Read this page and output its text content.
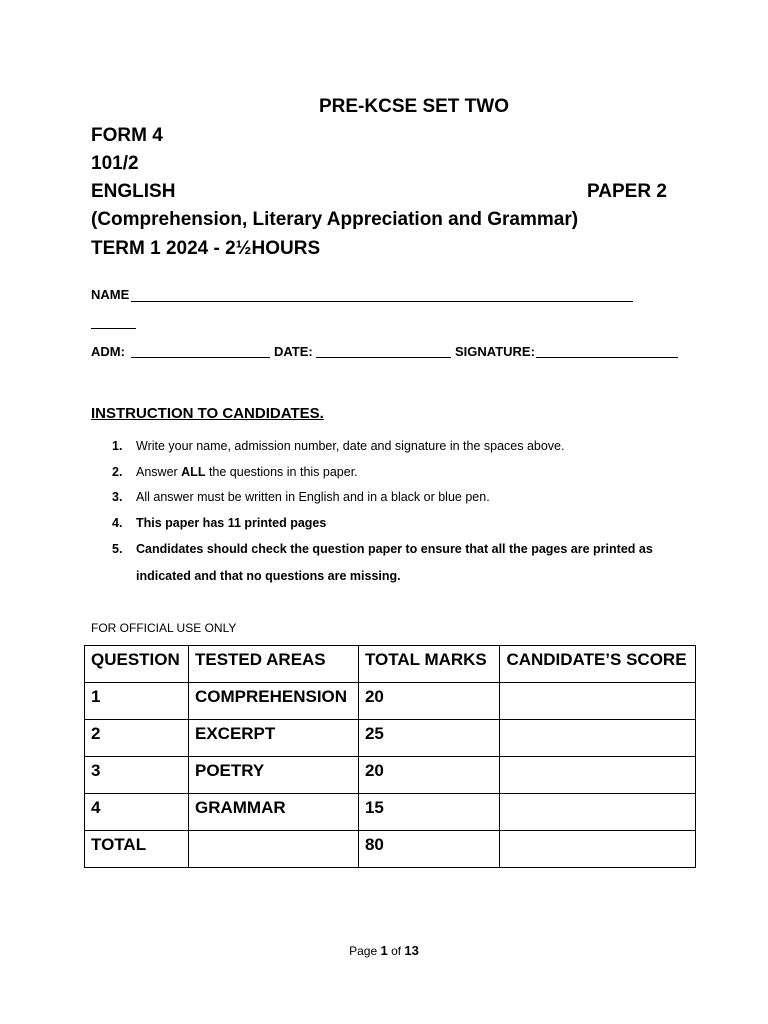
PRE-KCSE SET TWO
FORM 4
101/2
ENGLISH	PAPER 2
(Comprehension, Literary Appreciation and Grammar)
TERM 1 2024 - 2½HOURS
NAME
ADM:	DATE:	SIGNATURE:
INSTRUCTION TO CANDIDATES.
1. Write your name, admission number, date and signature in the spaces above.
2. Answer ALL the questions in this paper.
3. All answer must be written in English and in a black or blue pen.
4. This paper has 11 printed pages
5. Candidates should check the question paper to ensure that all the pages are printed as indicated and that no questions are missing.
FOR OFFICIAL USE ONLY
QUESTION	TESTED AREAS	TOTAL MARKS	CANDIDATE’S SCORE
1	COMPREHENSION	20	
2	EXCERPT	25	
3	POETRY	20	
4	GRAMMAR	15	
TOTAL		80	
Page 1 of 13
